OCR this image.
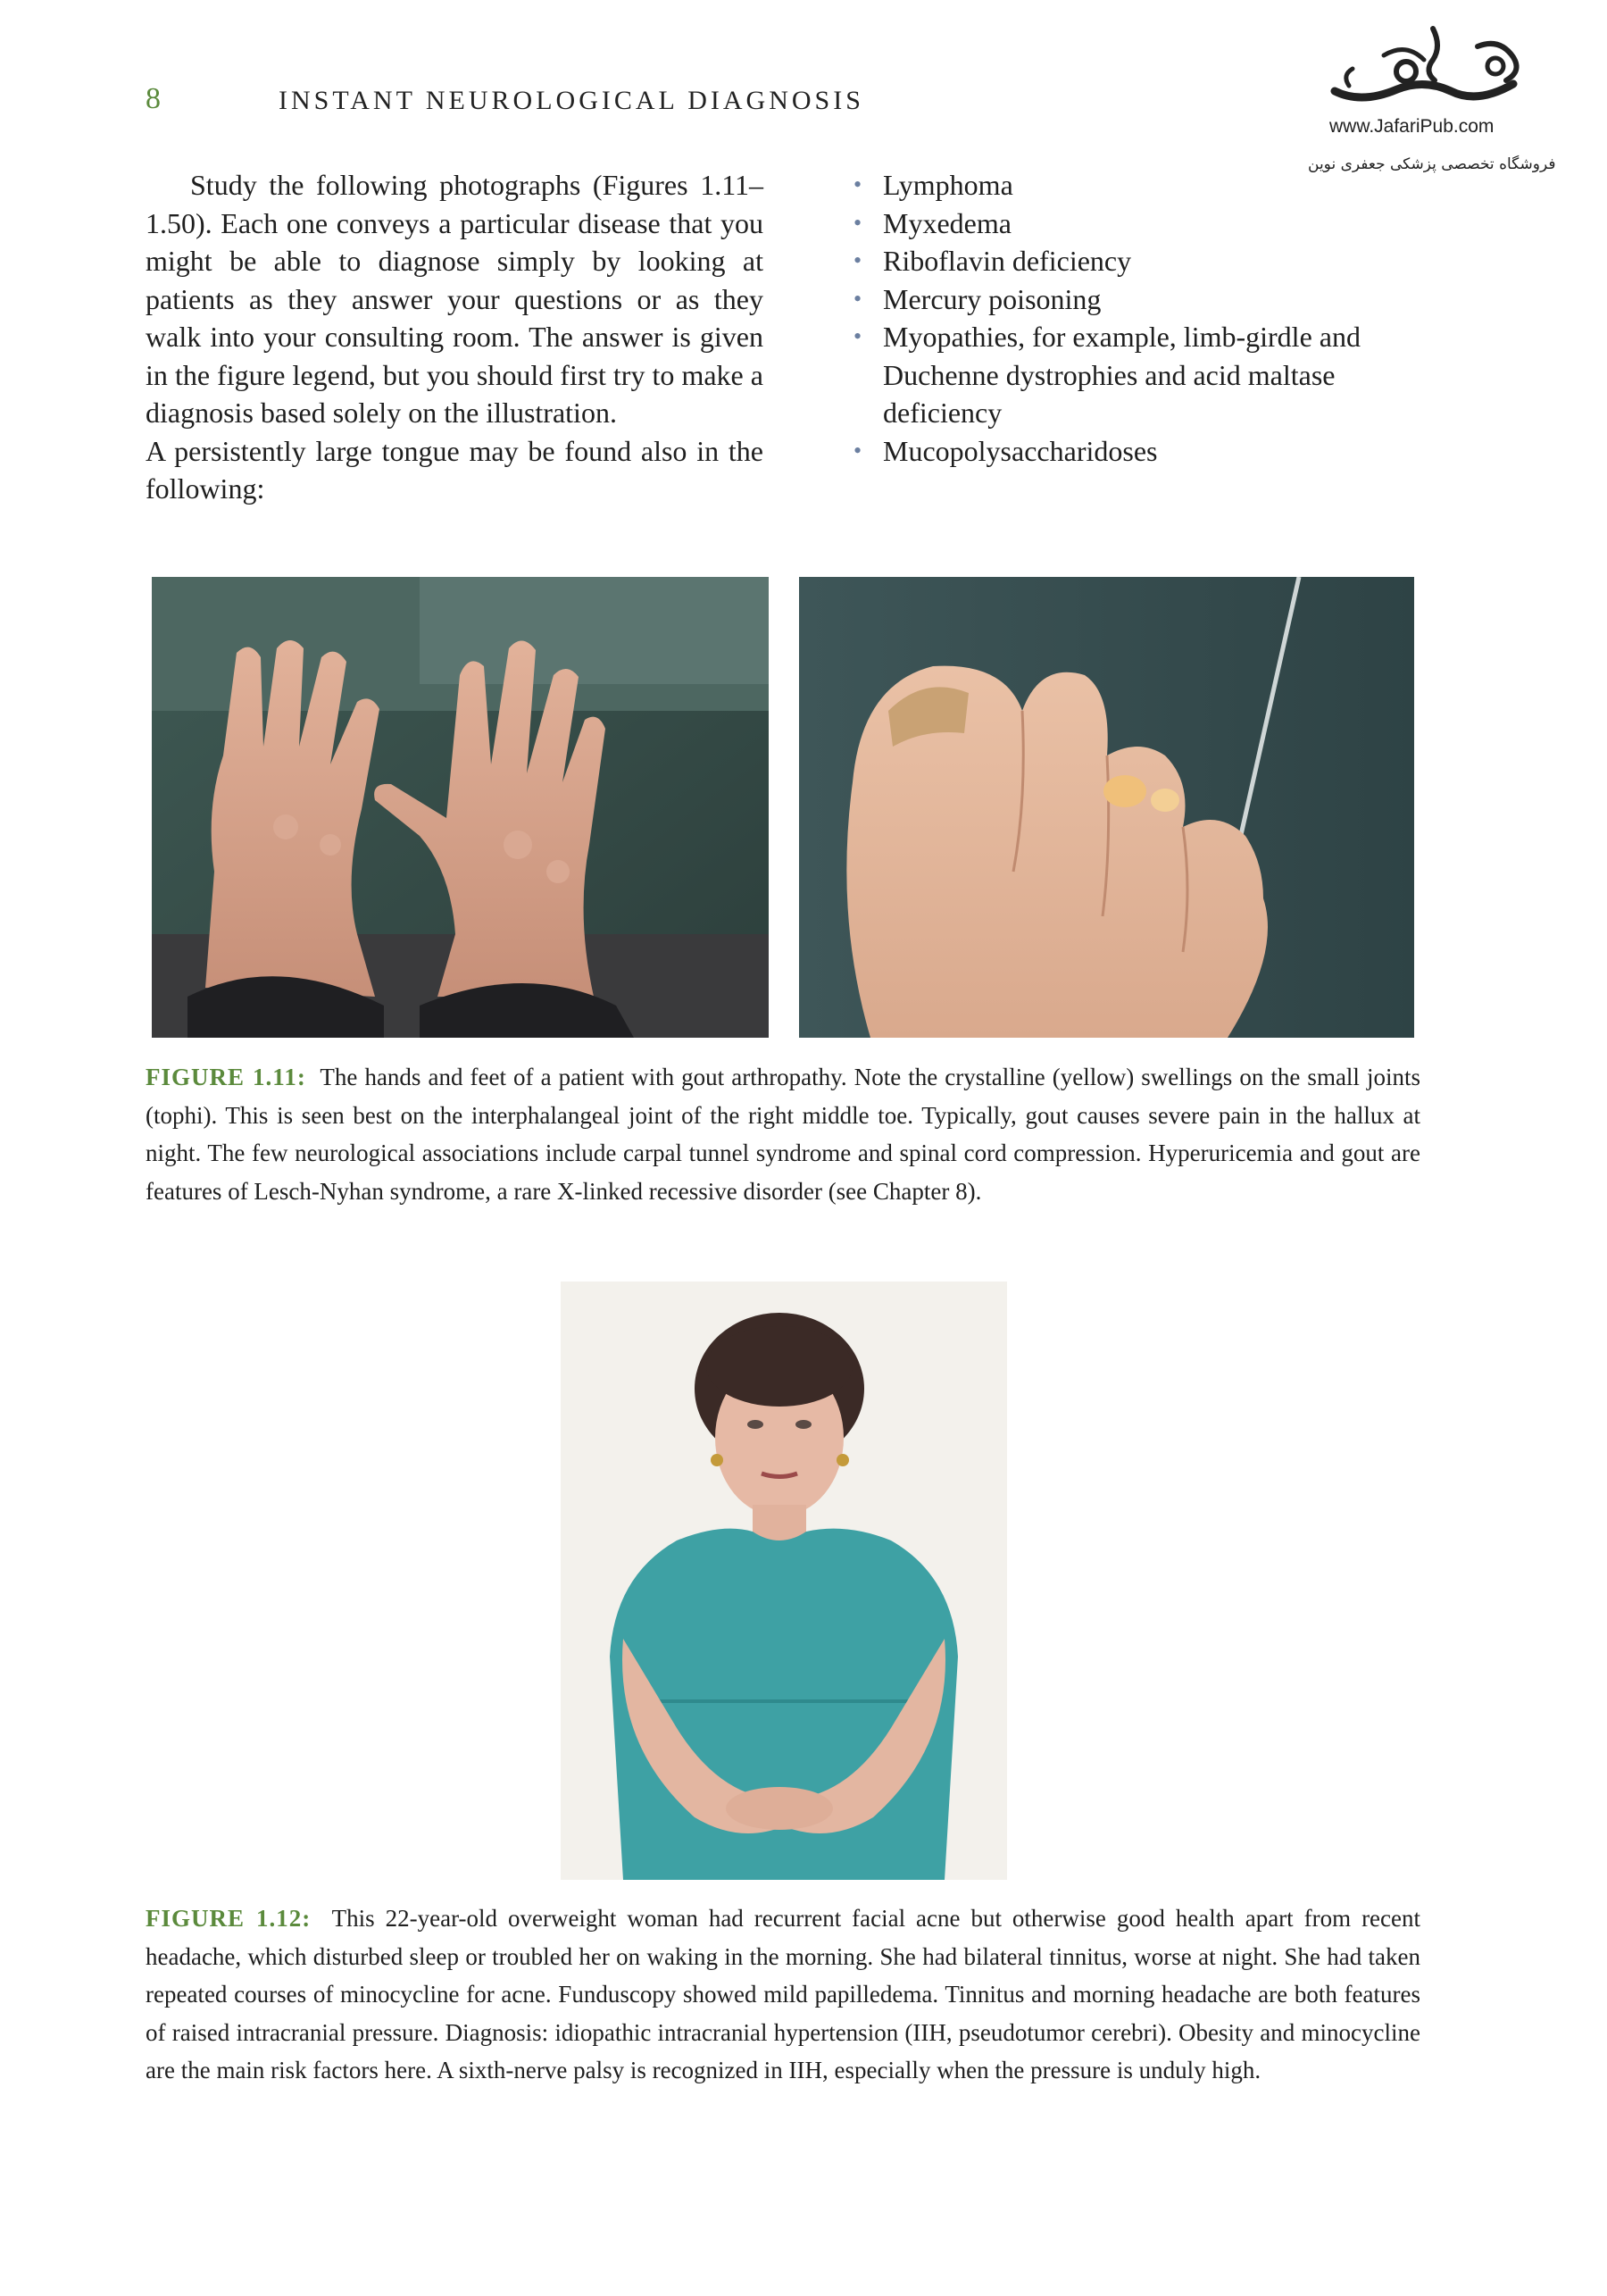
8	INSTANT NEUROLOGICAL DIAGNOSIS
www.JafariPub.com
فروشگاه تخصصی پزشکی جعفری نوین

Study the following photographs (Figures 1.11–1.50). Each one conveys a particular disease that you might be able to diagnose simply by looking at patients as they answer your questions or as they walk into your consulting room. The answer is given in the figure legend, but you should first try to make a diagnosis based solely on the illustration.

A persistently large tongue may be found also in the following:

• Lymphoma
• Myxedema
• Riboflavin deficiency
• Mercury poisoning
• Myopathies, for example, limb-girdle and Duchenne dystrophies and acid maltase deficiency
• Mucopolysaccharidoses
FIGURE 1.11: The hands and feet of a patient with gout arthropathy. Note the crystalline (yellow) swellings on the small joints (tophi). This is seen best on the interphalangeal joint of the right middle toe. Typically, gout causes severe pain in the hallux at night. The few neurological associations include carpal tunnel syndrome and spinal cord compression. Hyperuricemia and gout are features of Lesch-Nyhan syndrome, a rare X-linked recessive disorder (see Chapter 8).
FIGURE 1.12: This 22-year-old overweight woman had recurrent facial acne but otherwise good health apart from recent headache, which disturbed sleep or troubled her on waking in the morning. She had bilateral tinnitus, worse at night. She had taken repeated courses of minocycline for acne. Funduscopy showed mild papilledema. Tinnitus and morning headache are both features of raised intracranial pressure. Diagnosis: idiopathic intracranial hypertension (IIH, pseudotumor cerebri). Obesity and minocycline are the main risk factors here. A sixth-nerve palsy is recognized in IIH, especially when the pressure is unduly high.
